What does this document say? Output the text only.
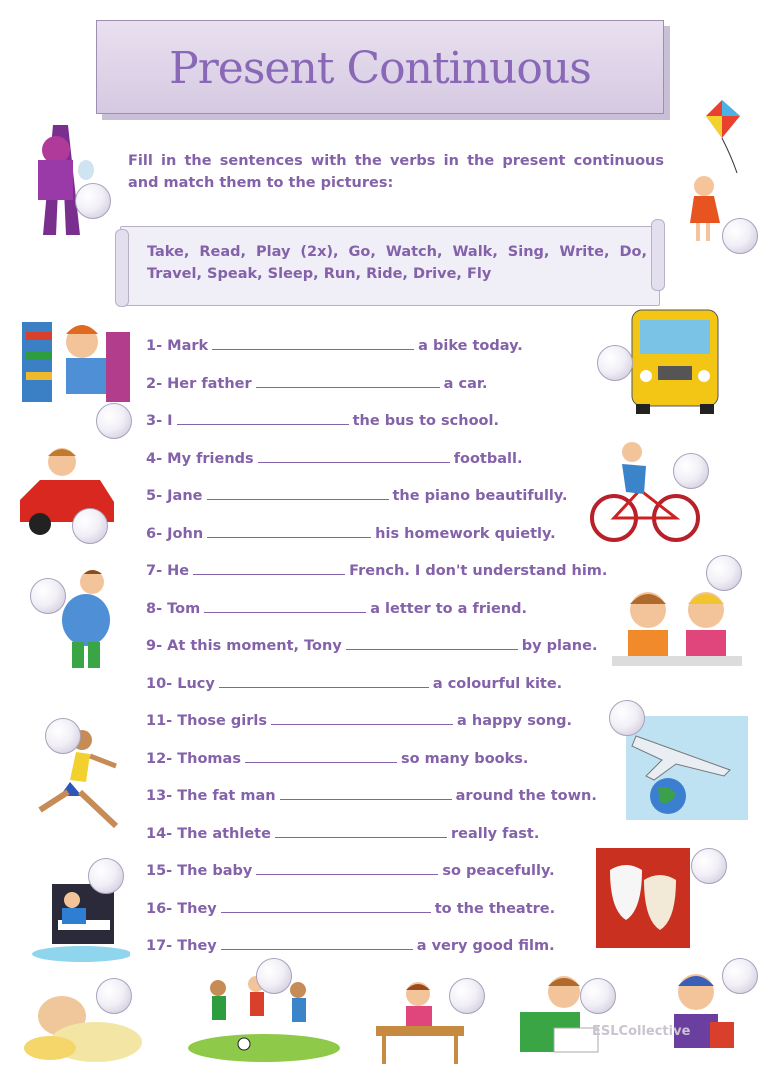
Present Continuous
Fill in the sentences with the verbs in the present continuous and match them to the pictures:
Take, Read, Play (2x), Go, Watch, Walk, Sing, Write, Do, Travel, Speak, Sleep, Run, Ride, Drive, Fly
1- Mark	a bike today.
2- Her father	a car.
3- I	the bus to school.
4- My friends	football.
5- Jane	the piano beautifully.
6- John	his homework quietly.
7- He	French. I don't understand him.
8- Tom	a letter to a friend.
9- At this moment, Tony	by plane.
10- Lucy	a colourful kite.
11- Those girls	a happy song.
12- Thomas	so many books.
13- The fat man	around the town.
14- The athlete	really fast.
15- The baby	so peacefully.
16- They	to the theatre.
17- They	a very good film.
ESLCollective
